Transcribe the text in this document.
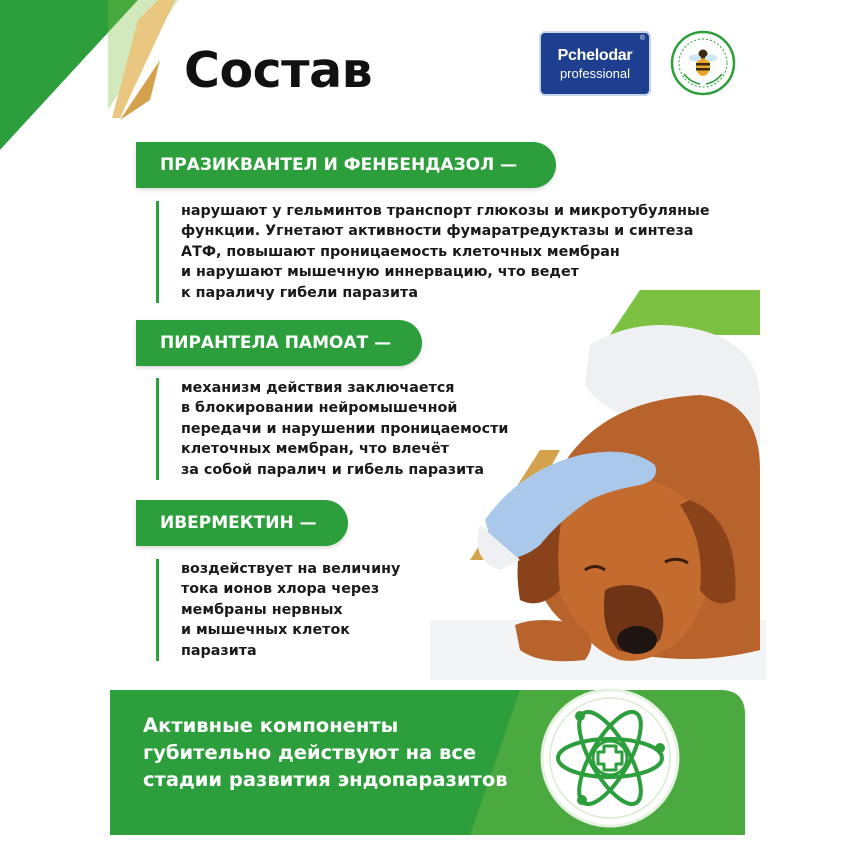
Состав	Pchelodar
professional
®
ПРАЗИКВАНТЕЛ И ФЕНБЕНДАЗОЛ —

нарушают у гельминтов транспорт глюкозы и микротубуляные

функции. Угнетают активности фумаратредуктазы и синтеза

АТФ, повышают проницаемость клеточных мембран

и нарушают мышечную иннервацию, что ведет

к параличу гибели паразита

ПИРАНТЕЛА ПАМОАТ —

механизм действия заключается

в блокировании нейромышечной

передачи и нарушении проницаемости

клеточных мембран, что влечёт

за собой паралич и гибель паразита

ИВЕРМЕКТИН —

воздействует на величину

тока ионов хлора через

мембраны нервных

и мышечных клеток

паразита

Активные компоненты
губительно действуют на все
стадии развития эндопаразитов
